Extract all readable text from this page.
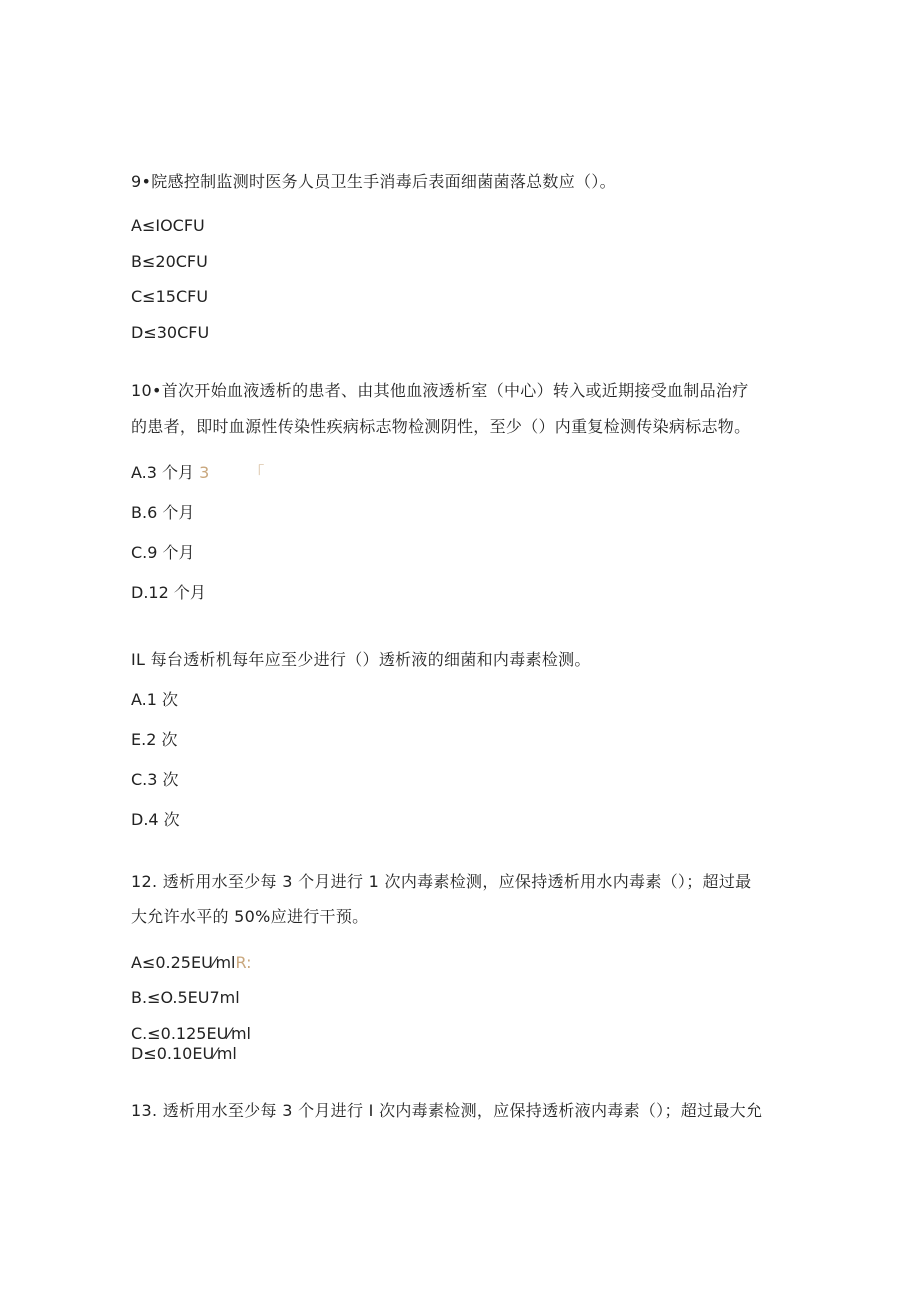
9•院感控制监测时医务人员卫生手消毒后表面细菌菌落总数应（）。
A≤IOCFU
B≤20CFU
C≤15CFU
D≤30CFU
10•首次开始血液透析的患者、由其他血液透析室（中心）转入或近期接受血制品治疗
的患者，即时血源性传染性疾病标志物检测阴性，至少（）内重复检测传染病标志物。
A.3 个月 3 「
B.6 个月
C.9 个月
D.12 个月
IL 每台透析机每年应至少进行（）透析液的细菌和内毒素检测。
A.1 次
E.2 次
C.3 次
D.4 次
12. 透析用水至少每 3 个月进行 1 次内毒素检测，应保持透析用水内毒素（）；超过最
大允许水平的 50%应进行干预。
A≤0.25EU⁄mlR:
B.≤O.5EU7ml
C.≤0.125EU⁄ml
D≤0.10EU⁄ml
13. 透析用水至少每 3 个月进行 I 次内毒素检测，应保持透析液内毒素（）；超过最大允
